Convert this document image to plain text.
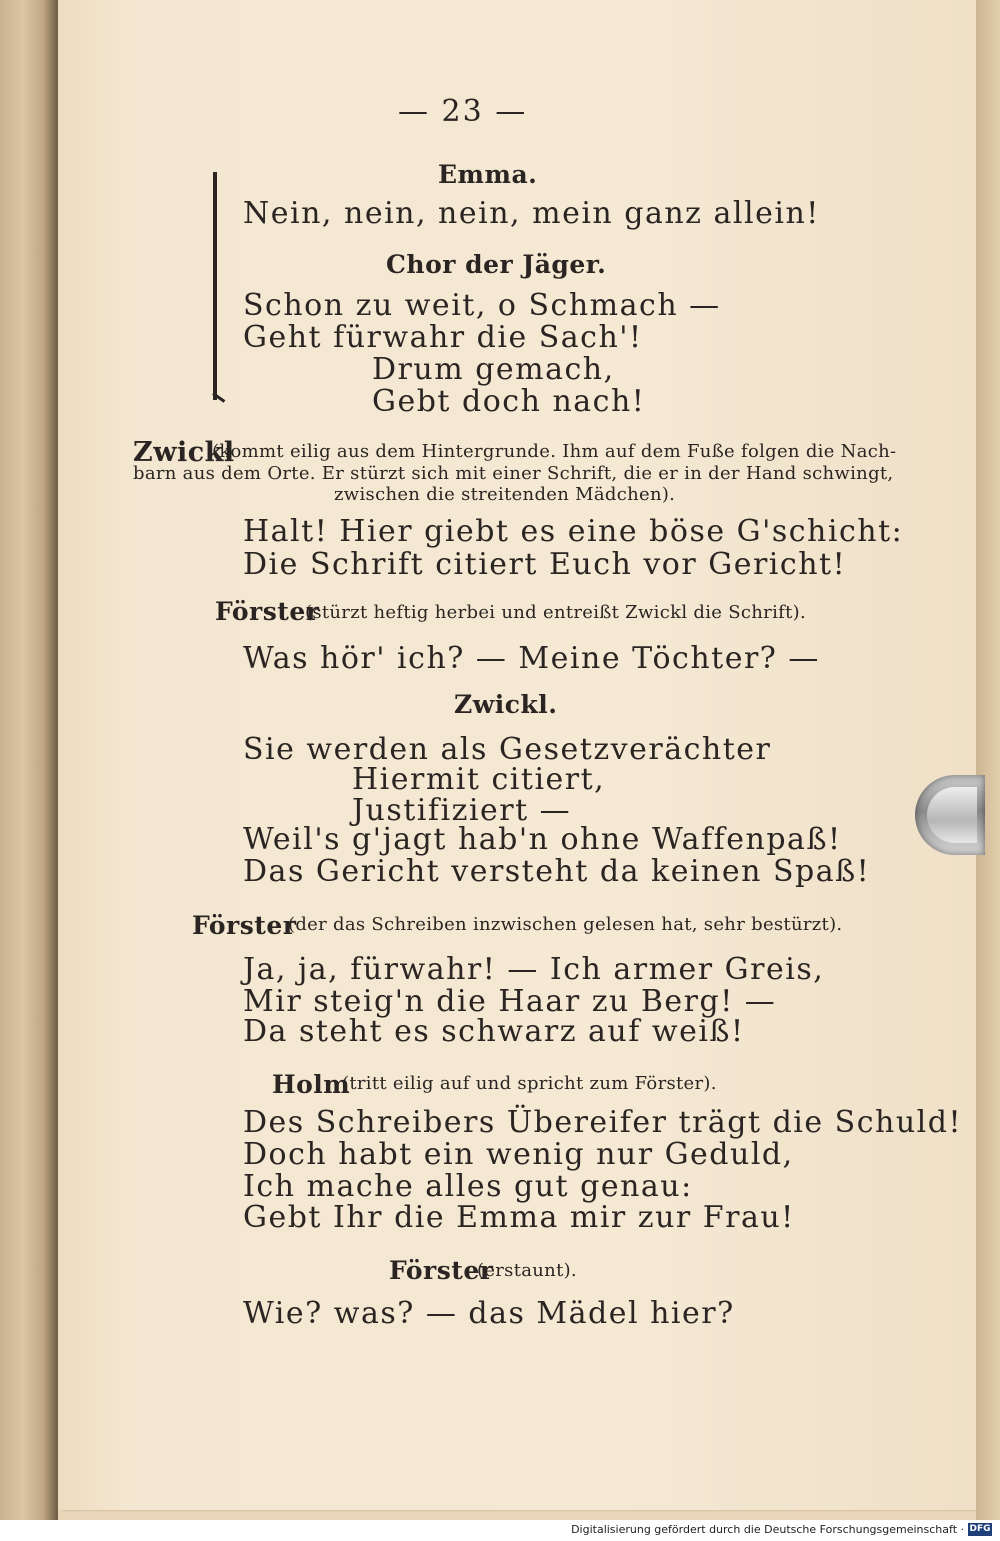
— 23 —
Emma.
Nein, nein, nein, mein ganz allein!
Chor der Jäger.
Schon zu weit, o Schmach —
Geht fürwahr die Sach'!
Drum gemach,
Gebt doch nach!
Zwickl
(kommt eilig aus dem Hintergrunde. Ihm auf dem Fuße folgen die Nach-
barn aus dem Orte. Er stürzt sich mit einer Schrift, die er in der Hand schwingt,
zwischen die streitenden Mädchen).
Halt! Hier giebt es eine böse G'schicht:
Die Schrift citiert Euch vor Gericht!
Förster
(stürzt heftig herbei und entreißt Zwickl die Schrift).
Was hör' ich? — Meine Töchter? —
Zwickl.
Sie werden als Gesetzverächter
Hiermit citiert,
Justifiziert —
Weil's g'jagt hab'n ohne Waffenpaß!
Das Gericht versteht da keinen Spaß!
Förster
(der das Schreiben inzwischen gelesen hat, sehr bestürzt).
Ja, ja, fürwahr! — Ich armer Greis,
Mir steig'n die Haar zu Berg! —
Da steht es schwarz auf weiß!
Holm
(tritt eilig auf und spricht zum Förster).
Des Schreibers Übereifer trägt die Schuld!
Doch habt ein wenig nur Geduld,
Ich mache alles gut genau:
Gebt Ihr die Emma mir zur Frau!
Förster
(erstaunt).
Wie? was? — das Mädel hier?
Digitalisierung gefördert durch die Deutsche Forschungsgemeinschaft · DFG
